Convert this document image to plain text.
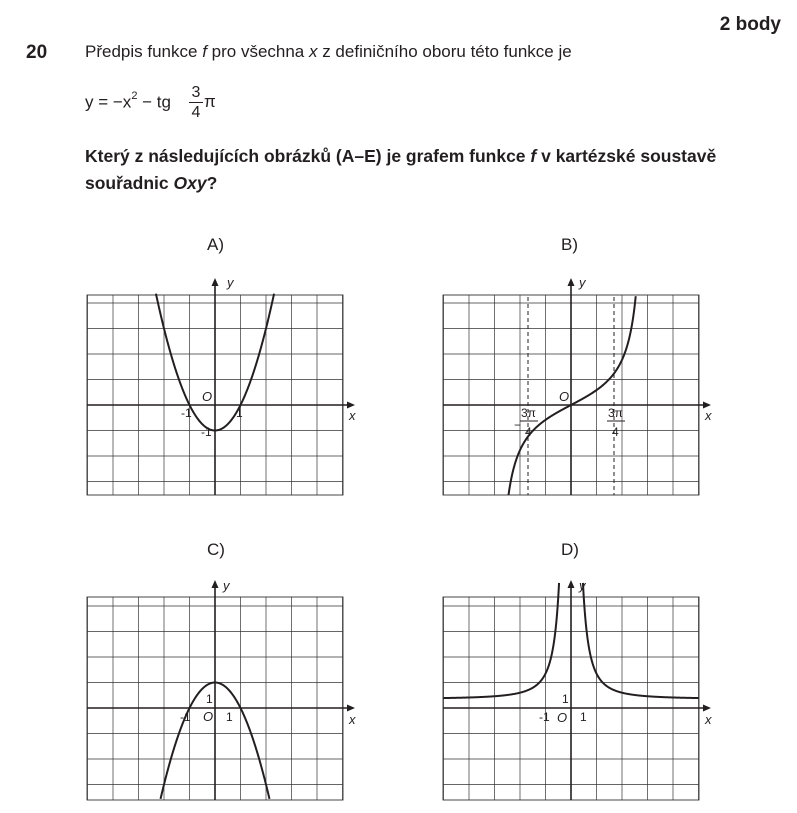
2 body
20 Předpis funkce f pro všechna x z definičního oboru této funkce je
$y = -x^2$ − tg
3
4
π
Který z následujících obrázků (A–E) je grafem funkce f v kartézské soustavě souřadnic Oxy?
A)	B)
C)	D)
y
x
O
-1	1
-1
y
x
O
−
3π
4
3π
4
y
x
O
-1	1
1
y
x
O
-1	1
1
